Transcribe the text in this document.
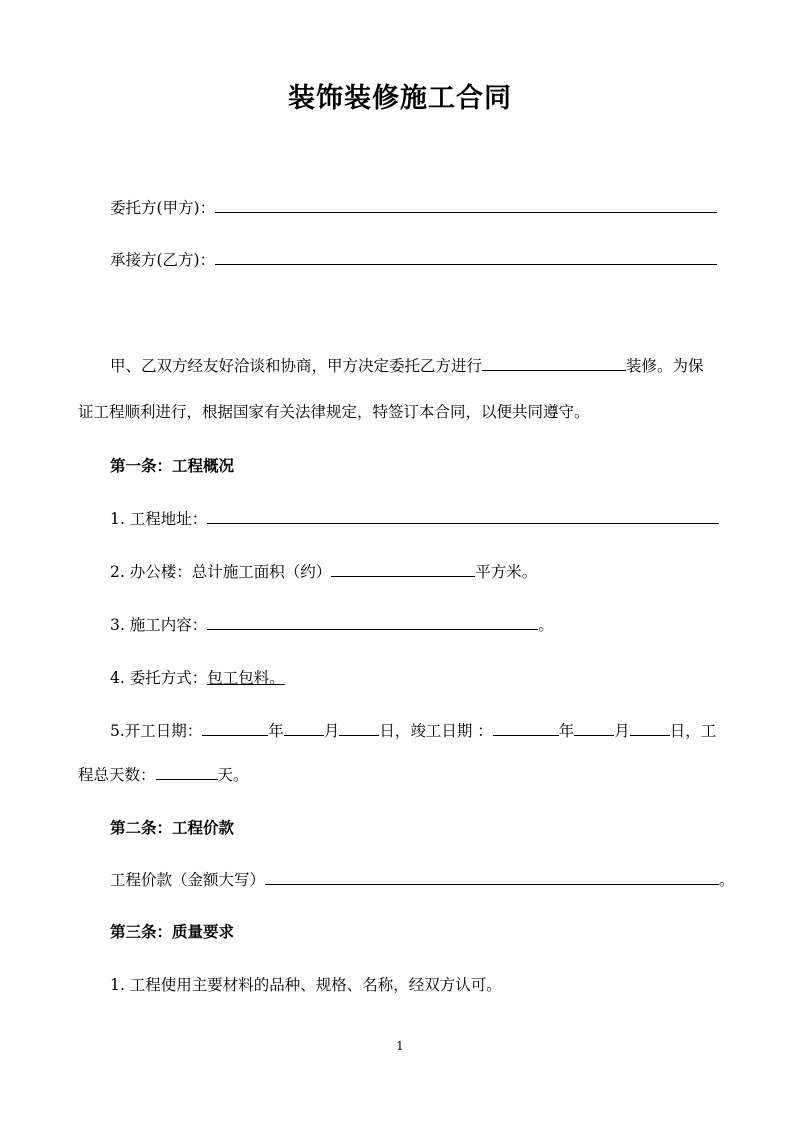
装饰装修施工合同
委托方(甲方)：
承接方(乙方)：
甲、乙双方经友好洽谈和协商，甲方决定委托乙方进行	装修。为保
证工程顺利进行，根据国家有关法律规定，特签订本合同，以便共同遵守。
第一条：工程概况
1. 工程地址：
2. 办公楼：总计施工面积（约）	平方米。
3. 施工内容：	。
4. 委托方式：包工包料。
5.开工日期：	年	月	日，竣工日期 ：	年	月	日，工
程总天数：	天。
第二条：工程价款
工程价款（金额大写）	。
第三条：质量要求
1. 工程使用主要材料的品种、规格、名称，经双方认可。
1
